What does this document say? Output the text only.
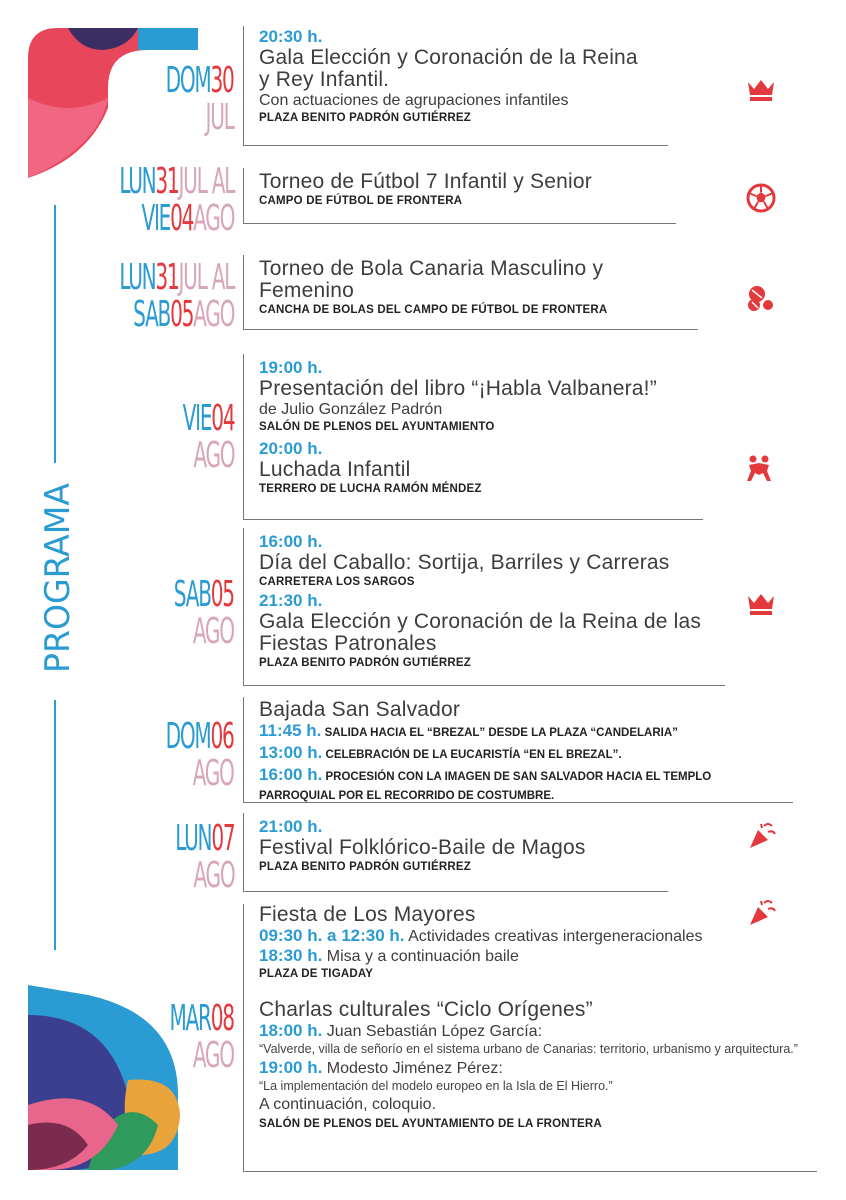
PROGRAMA
DOM30
JUL
20:30 h.
Gala Elección y Coronación de la Reina y Rey Infantil.
Con actuaciones de agrupaciones infantiles
PLAZA BENITO PADRÓN GUTIÉRREZ
LUN31JUL AL
VIE04AGO
Torneo de Fútbol 7 Infantil y Senior
CAMPO DE FÚTBOL DE FRONTERA
LUN31JUL AL
SAB05AGO
Torneo de Bola Canaria Masculino y Femenino
CANCHA DE BOLAS DEL CAMPO DE FÚTBOL DE FRONTERA
VIE04
AGO
19:00 h.
Presentación del libro “¡Habla Valbanera!”
de Julio González Padrón
SALÓN DE PLENOS DEL AYUNTAMIENTO
20:00 h.
Luchada Infantil
TERRERO DE LUCHA RAMÓN MÉNDEZ
SAB05
AGO
16:00 h.
Día del Caballo: Sortija, Barriles y Carreras
CARRETERA LOS SARGOS
21:30 h.
Gala Elección y Coronación de la Reina de las Fiestas Patronales
PLAZA BENITO PADRÓN GUTIÉRREZ
DOM06
AGO
Bajada San Salvador
11:45 h. SALIDA HACIA EL “BREZAL” DESDE LA PLAZA “CANDELARIA”
13:00 h. CELEBRACIÓN DE LA EUCARISTÍA “EN EL BREZAL”.
16:00 h. PROCESIÓN CON LA IMAGEN DE SAN SALVADOR HACIA EL TEMPLO
PARROQUIAL POR EL RECORRIDO DE COSTUMBRE.
LUN07
AGO
21:00 h.
Festival Folklórico-Baile de Magos
PLAZA BENITO PADRÓN GUTIÉRREZ
MAR08
AGO
Fiesta de Los Mayores
09:30 h. a 12:30 h. Actividades creativas intergeneracionales
18:30 h. Misa y a continuación baile
PLAZA DE TIGADAY
Charlas culturales “Ciclo Orígenes”
18:00 h. Juan Sebastián López García:
“Valverde, villa de señorío en el sistema urbano de Canarias: territorio, urbanismo y arquitectura.”
19:00 h. Modesto Jiménez Pérez:
“La implementación del modelo europeo en la Isla de El Hierro.”
A continuación, coloquio.
SALÓN DE PLENOS DEL AYUNTAMIENTO DE LA FRONTERA
